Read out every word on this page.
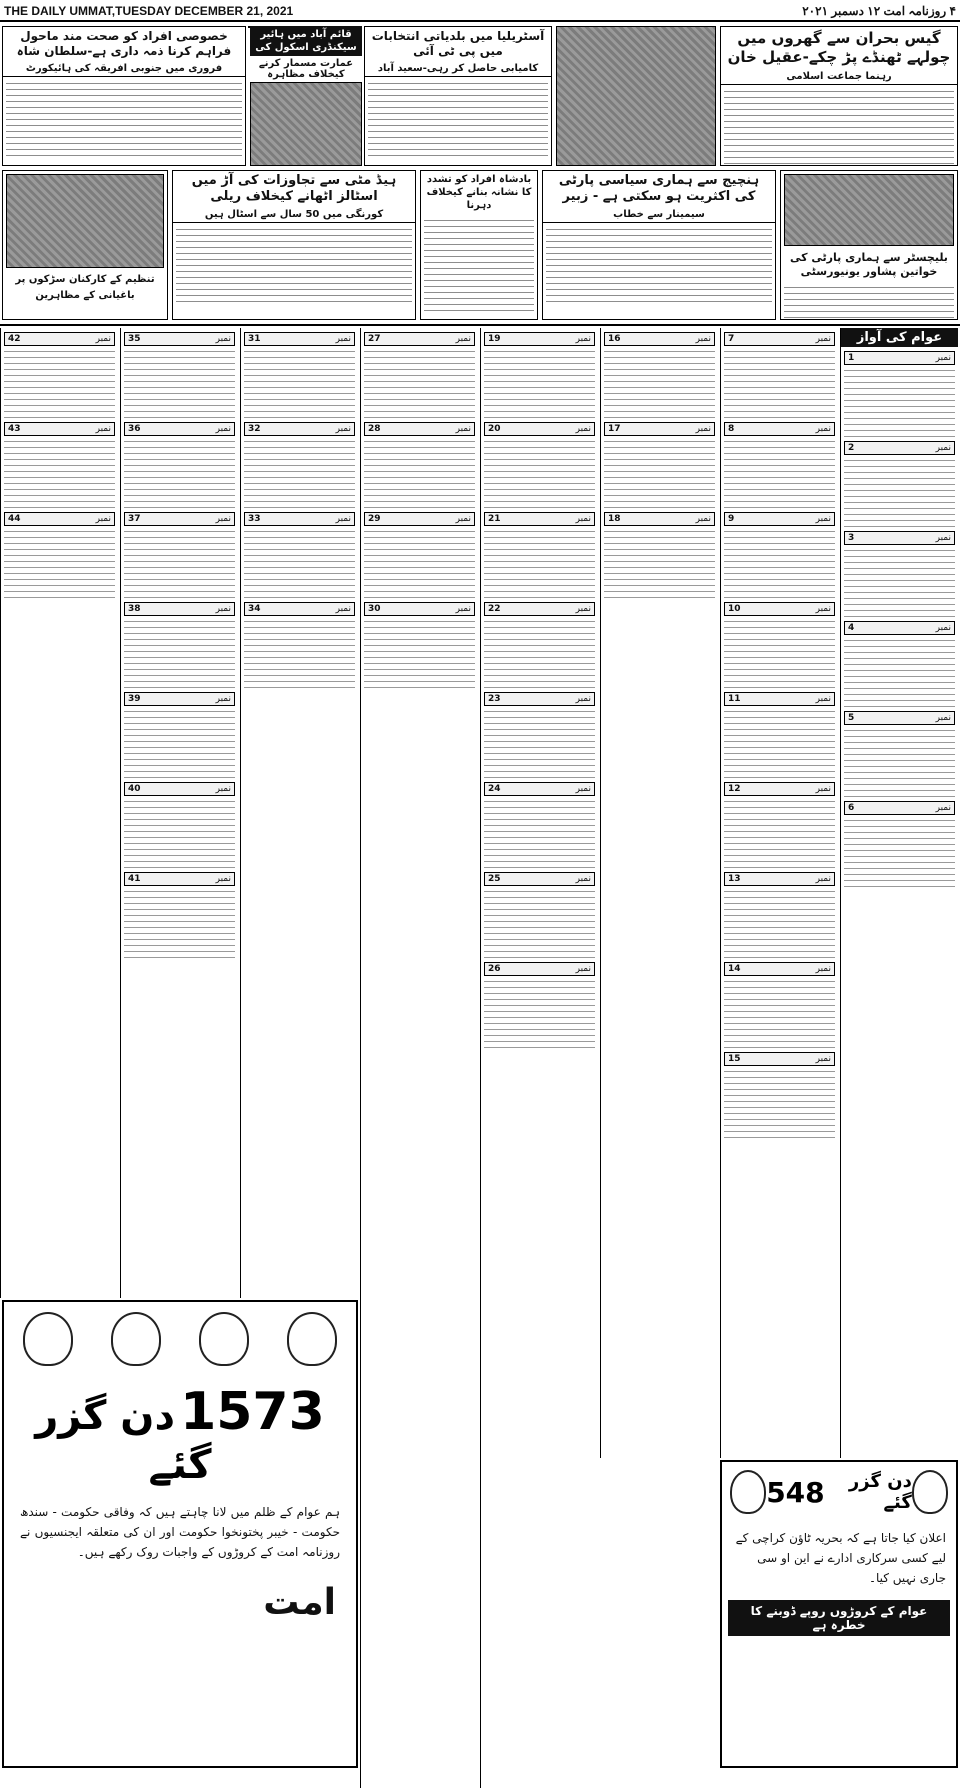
THE DAILY UMMAT,TUESDAY DECEMBER 21, 2021	۴ روزنامہ امت ۱۲ دسمبر ۲۰۲۱
گیس بحران سے گھروں میں چولہے ٹھنڈے پڑ چکے-عقیل خان
رہنما جماعت اسلامی
آسٹریلیا میں بلدیاتی انتخابات میں پی ٹی آئی
کامیابی حاصل کر رہی-سعید آباد
خصوصی افراد کو صحت مند ماحول فراہم کرنا ذمہ داری ہے-سلطان شاہ
فروری میں جنوبی افریقہ کی ہائیکورٹ
قائم آباد میں ہائیر سیکنڈری اسکول کی
عمارت مسمار کرنے کیخلاف مظاہرہ
بلیچسٹر سے ہماری پارٹی کی خواتین پشاور یونیورسٹی
ہنچیج سے ہماری سیاسی پارٹی کی اکثریت ہو سکتی ہے - زبیر
سیمینار سے خطاب
بادشاہ افراد کو تشدد کا نشانہ بنانے کیخلاف دہرنا
ہیڈ مٹی سے تجاوزات کی آڑ میں اسٹالز اٹھانے کیخلاف ریلی
کورنگی میں 50 سال سے اسٹال ہیں
تنظیم کے کارکنان سڑکوں پر
باغیانی کے مظاہرین
عوام کی آواز
نمبر
1
نمبر
2
نمبر
3
نمبر
4
نمبر
5
نمبر
6
نمبر
7
نمبر
8
نمبر
9
نمبر
10
نمبر
11
نمبر
12
نمبر
13
نمبر
14
نمبر
15
نمبر
16
نمبر
17
نمبر
18
نمبر
19
نمبر
20
نمبر
21
نمبر
22
نمبر
23
نمبر
24
نمبر
25
نمبر
26
نمبر
27
نمبر
28
نمبر
29
نمبر
30
نمبر
31
نمبر
32
نمبر
33
نمبر
34
نمبر
35
نمبر
36
نمبر
37
نمبر
38
نمبر
39
نمبر
40
نمبر
41
نمبر
42
نمبر
43
نمبر
44
1573 دن گزر گئے
ہم عوام کے ظلم میں لانا چاہتے ہیں کہ وفاقی حکومت - سندھ حکومت - خیبر پختونخوا حکومت اور ان کی متعلقہ ایجنسیوں نے روزنامہ امت کے کروڑوں کے واجبات روک رکھے ہیں۔
امت
548	دن گزر گئے
اعلان کیا جاتا ہے کہ بحریہ ٹاؤن کراچی کے لیے کسی سرکاری ادارے نے این او سی جاری نہیں کیا۔
عوام کے کروڑوں روپے ڈوبنے کا خطرہ ہے
